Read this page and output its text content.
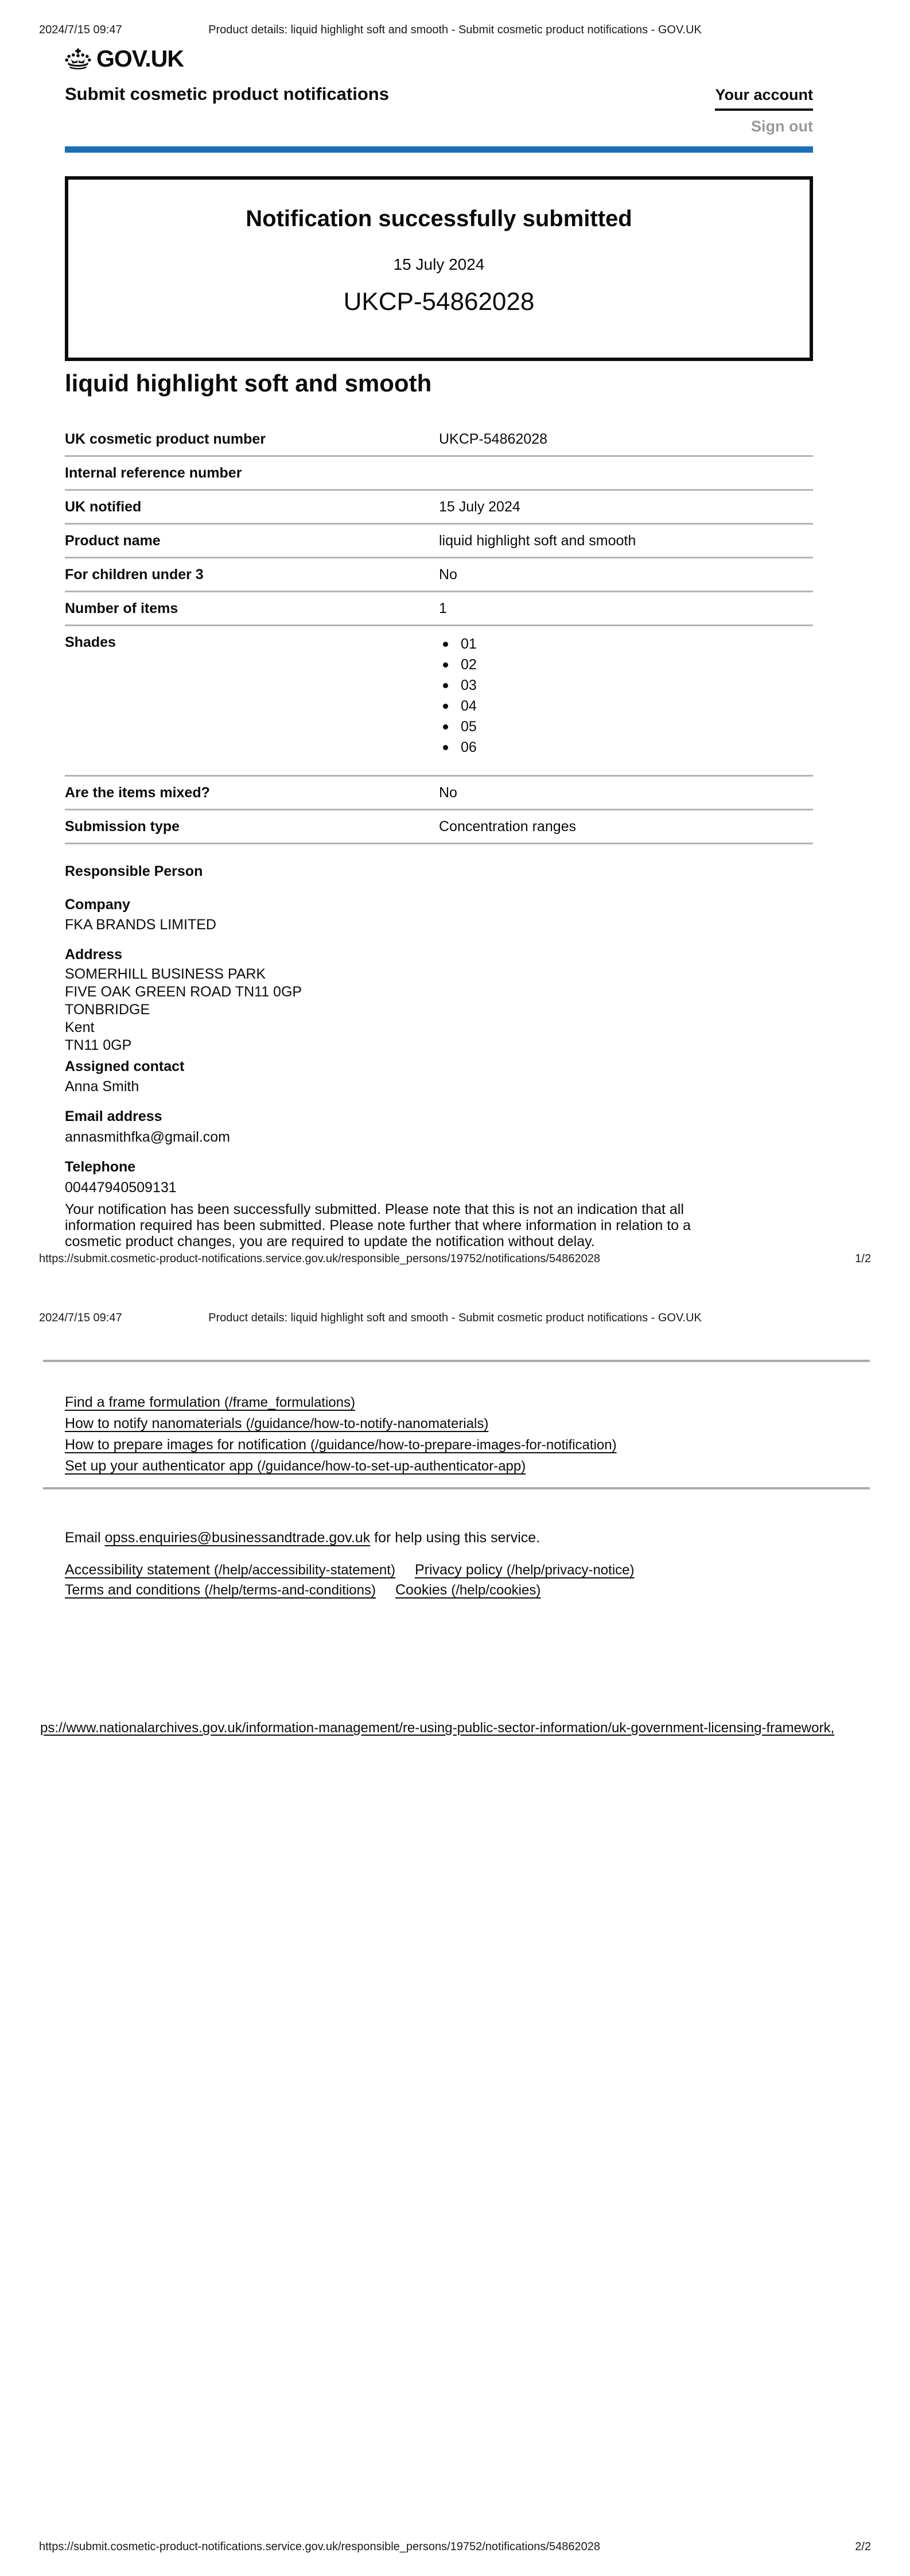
2024/7/15 09:47	Product details: liquid highlight soft and smooth - Submit cosmetic product notifications - GOV.UK
GOV.UK
Submit cosmetic product notifications	Your account
Sign out
Notification successfully submitted
15 July 2024
UKCP-54862028
liquid highlight soft and smooth
UK cosmetic product number	UKCP-54862028
Internal reference number
UK notified	15 July 2024
Product name	liquid highlight soft and smooth
For children under 3	No
Number of items	1
Shades	01
02
03
04
05
06
Are the items mixed?	No
Submission type	Concentration ranges
Responsible Person
Company
FKA BRANDS LIMITED
Address
SOMERHILL BUSINESS PARK
FIVE OAK GREEN ROAD TN11 0GP
TONBRIDGE
Kent
TN11 0GP
Assigned contact
Anna Smith
Email address
annasmithfka@gmail.com
Telephone
00447940509131
Your notification has been successfully submitted. Please note that this is not an indication that all
information required has been submitted. Please note further that where information in relation to a
cosmetic product changes, you are required to update the notification without delay.
https://submit.cosmetic-product-notifications.service.gov.uk/responsible_persons/19752/notifications/54862028	1/2
2024/7/15 09:47	Product details: liquid highlight soft and smooth - Submit cosmetic product notifications - GOV.UK
Find a frame formulation (/frame_formulations)
How to notify nanomaterials (/guidance/how-to-notify-nanomaterials)
How to prepare images for notification (/guidance/how-to-prepare-images-for-notification)
Set up your authenticator app (/guidance/how-to-set-up-authenticator-app)
Email opss.enquiries@businessandtrade.gov.uk for help using this service.
Accessibility statement (/help/accessibility-statement) Privacy policy (/help/privacy-notice)
Terms and conditions (/help/terms-and-conditions) Cookies (/help/cookies)
ps://www.nationalarchives.gov.uk/information-management/re-using-public-sector-information/uk-government-licensing-framework,
https://submit.cosmetic-product-notifications.service.gov.uk/responsible_persons/19752/notifications/54862028	2/2
